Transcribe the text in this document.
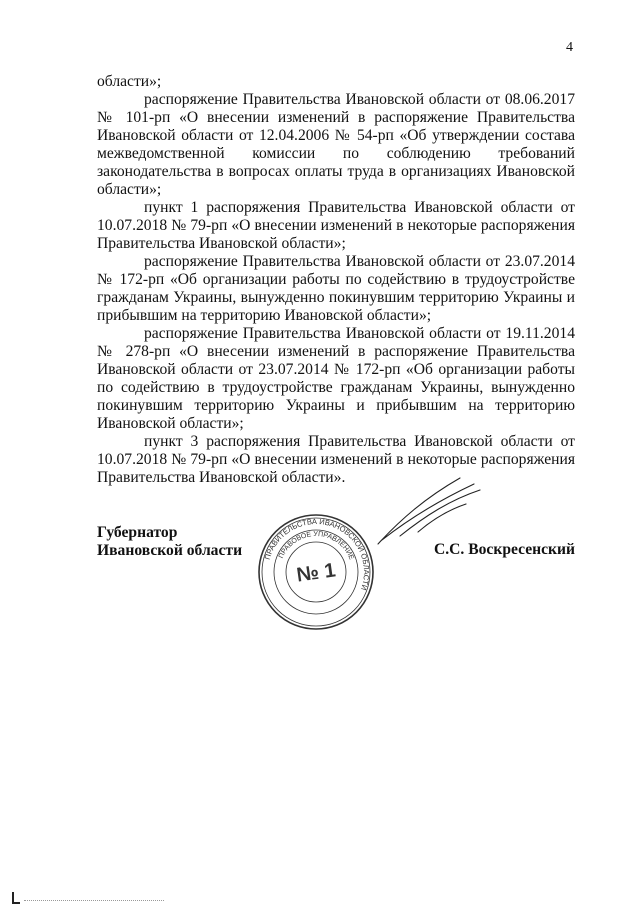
4

области»;

распоряжение Правительства Ивановской области от 08.06.2017 № 101-рп «О внесении изменений в распоряжение Правительства Ивановской области от 12.04.2006 № 54-рп «Об утверждении состава межведомственной комиссии по соблюдению требований законодательства в вопросах оплаты труда в организациях Ивановской области»;

пункт 1 распоряжения Правительства Ивановской области от 10.07.2018 № 79-рп «О внесении изменений в некоторые распоряжения Правительства Ивановской области»;

распоряжение Правительства Ивановской области от 23.07.2014 № 172-рп «Об организации работы по содействию в трудоустройстве гражданам Украины, вынужденно покинувшим территорию Украины и прибывшим на территорию Ивановской области»;

распоряжение Правительства Ивановской области от 19.11.2014 № 278-рп «О внесении изменений в распоряжение Правительства Ивановской области от 23.07.2014 № 172-рп «Об организации работы по содействию в трудоустройстве гражданам Украины, вынужденно покинувшим территорию Украины и прибывшим на территорию Ивановской области»;

пункт 3 распоряжения Правительства Ивановской области от 10.07.2018 № 79-рп «О внесении изменений в некоторые распоряжения Правительства Ивановской области».

Губернатор
Ивановской области	С.С. Воскресенский
ПРАВИТЕЛЬСТВА ИВАНОВСКОЙ ОБЛАСТИ
ПРАВОВОЕ УПРАВЛЕНИЕ
№ 1
